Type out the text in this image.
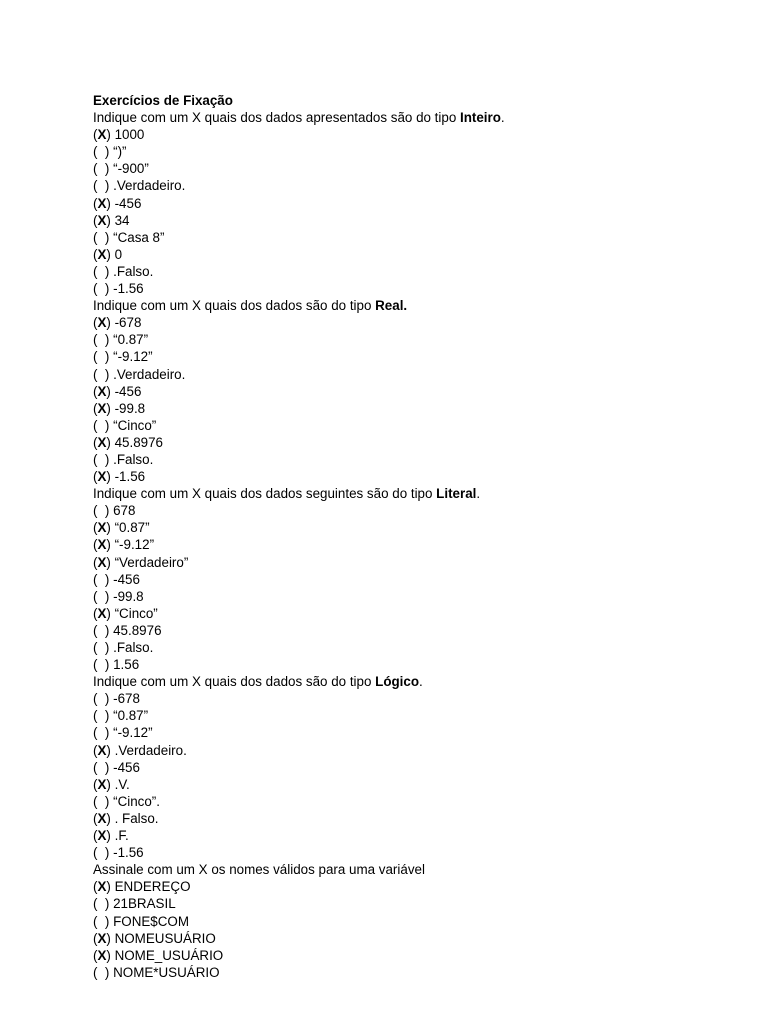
Exercícios de Fixação
Indique com um X quais dos dados apresentados são do tipo Inteiro.
(X) 1000
( ) “)”
( ) “-900”
( ) .Verdadeiro.
(X) -456
(X) 34
( ) “Casa 8”
(X) 0
( ) .Falso.
( ) -1.56
Indique com um X quais dos dados são do tipo Real.
(X) -678
( ) “0.87”
( ) “-9.12”
( ) .Verdadeiro.
(X) -456
(X) -99.8
( ) “Cinco”
(X) 45.8976
( ) .Falso.
(X) -1.56
Indique com um X quais dos dados seguintes são do tipo Literal.
( ) 678
(X) “0.87”
(X) “-9.12”
(X) “Verdadeiro”
( ) -456
( ) -99.8
(X) “Cinco”
( ) 45.8976
( ) .Falso.
( ) 1.56
Indique com um X quais dos dados são do tipo Lógico.
( ) -678
( ) “0.87”
( ) “-9.12”
(X) .Verdadeiro.
( ) -456
(X) .V.
( ) “Cinco”.
(X) . Falso.
(X) .F.
( ) -1.56
Assinale com um X os nomes válidos para uma variável
(X) ENDEREÇO
( ) 21BRASIL
( ) FONE$COM
(X) NOMEUSUÁRIO
(X) NOME_USUÁRIO
( ) NOME*USUÁRIO
